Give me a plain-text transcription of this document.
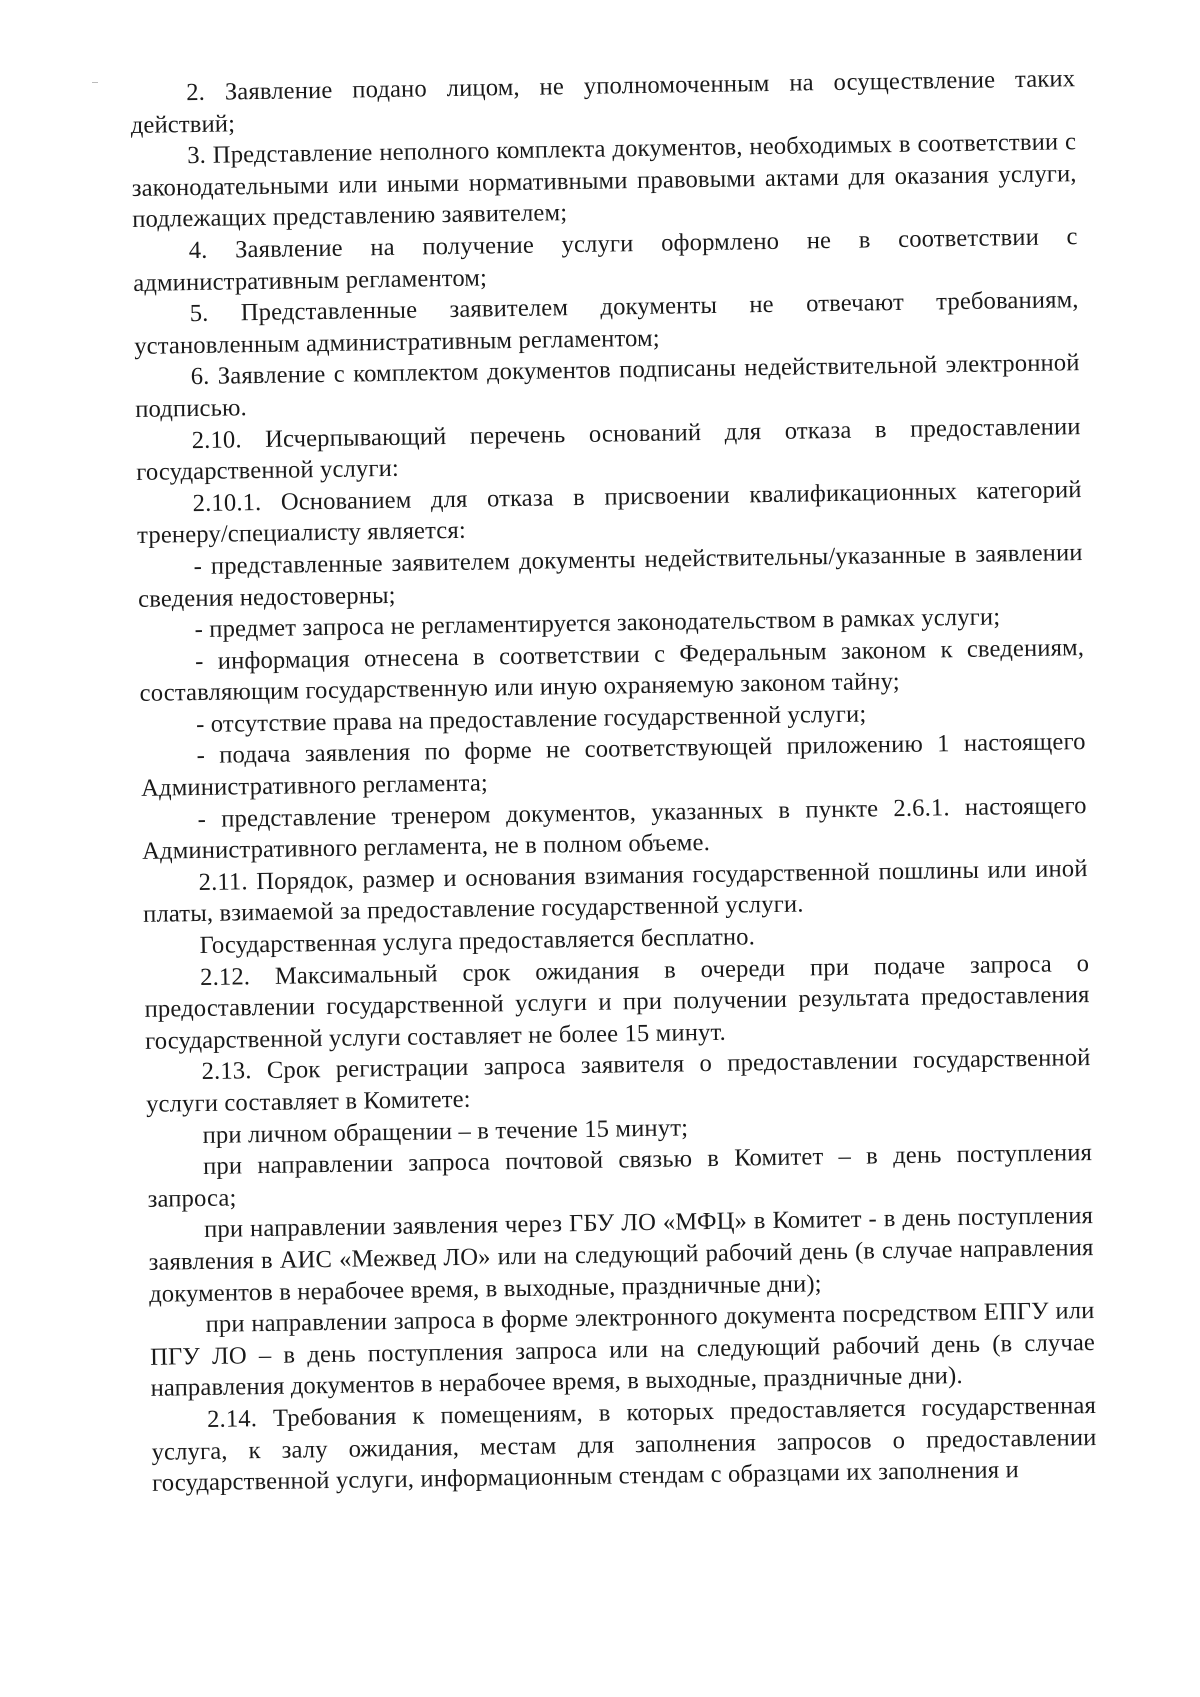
2. Заявление подано лицом, не уполномоченным на осуществление таких действий;

3. Представление неполного комплекта документов, необходимых в соответствии с законодательными или иными нормативными правовыми актами для оказания услуги, подлежащих представлению заявителем;

4. Заявление на получение услуги оформлено не в соответствии с административным регламентом;

5. Представленные заявителем документы не отвечают требованиям, установленным административным регламентом;

6. Заявление с комплектом документов подписаны недействительной электронной подписью.

2.10. Исчерпывающий перечень оснований для отказа в предоставлении государственной услуги:

2.10.1. Основанием для отказа в присвоении квалификационных категорий тренеру/специалисту является:

- представленные заявителем документы недействительны/указанные в заявлении сведения недостоверны;

- предмет запроса не регламентируется законодательством в рамках услуги;

- информация отнесена в соответствии с Федеральным законом к сведениям, составляющим государственную или иную охраняемую законом тайну;

- отсутствие права на предоставление государственной услуги;

- подача заявления по форме не соответствующей приложению 1 настоящего Административного регламента;

- представление тренером документов, указанных в пункте 2.6.1. настоящего Административного регламента, не в полном объеме.

2.11. Порядок, размер и основания взимания государственной пошлины или иной платы, взимаемой за предоставление государственной услуги.

Государственная услуга предоставляется бесплатно.

2.12. Максимальный срок ожидания в очереди при подаче запроса о предоставлении государственной услуги и при получении результата предоставления государственной услуги составляет не более 15 минут.

2.13. Срок регистрации запроса заявителя о предоставлении государственной услуги составляет в Комитете:

при личном обращении – в течение 15 минут;

при направлении запроса почтовой связью в Комитет – в день поступления запроса;

при направлении заявления через ГБУ ЛО «МФЦ» в Комитет - в день поступления заявления в АИС «Межвед ЛО» или на следующий рабочий день (в случае направления документов в нерабочее время, в выходные, праздничные дни);

при направлении запроса в форме электронного документа посредством ЕПГУ или ПГУ ЛО – в день поступления запроса или на следующий рабочий день (в случае направления документов в нерабочее время, в выходные, праздничные дни).

2.14. Требования к помещениям, в которых предоставляется государственная услуга, к залу ожидания, местам для заполнения запросов о предоставлении государственной услуги, информационным стендам с образцами их заполнения и
